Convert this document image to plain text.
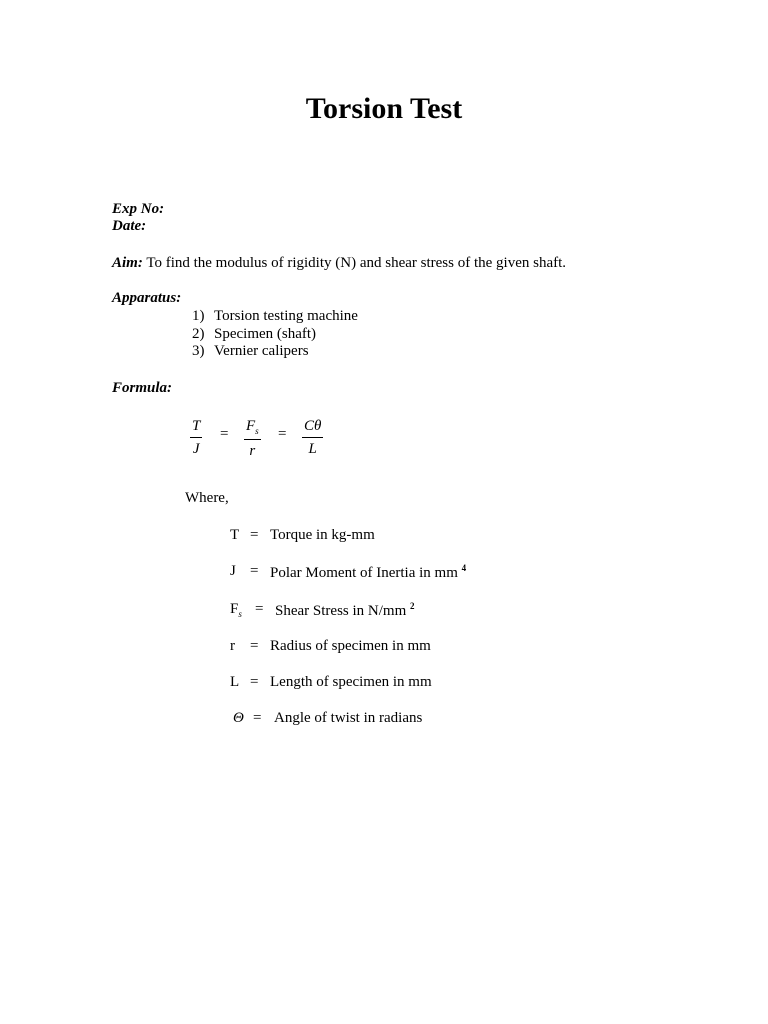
Torsion Test
Exp No:
Date:
Aim: To find the modulus of rigidity (N) and shear stress of the given shaft.
Apparatus:
1) Torsion testing machine
2) Specimen (shaft)
3) Vernier calipers
Formula:
$\frac{T}{J} = \frac{F_s}{r} = \frac{C\theta}{L}$
Where,
T = Torque in kg-mm
J = Polar Moment of Inertia in mm $^4$
$F_s$ = Shear Stress in N/mm $^2$
r = Radius of specimen in mm
L = Length of specimen in mm
Θ = Angle of twist in radians
